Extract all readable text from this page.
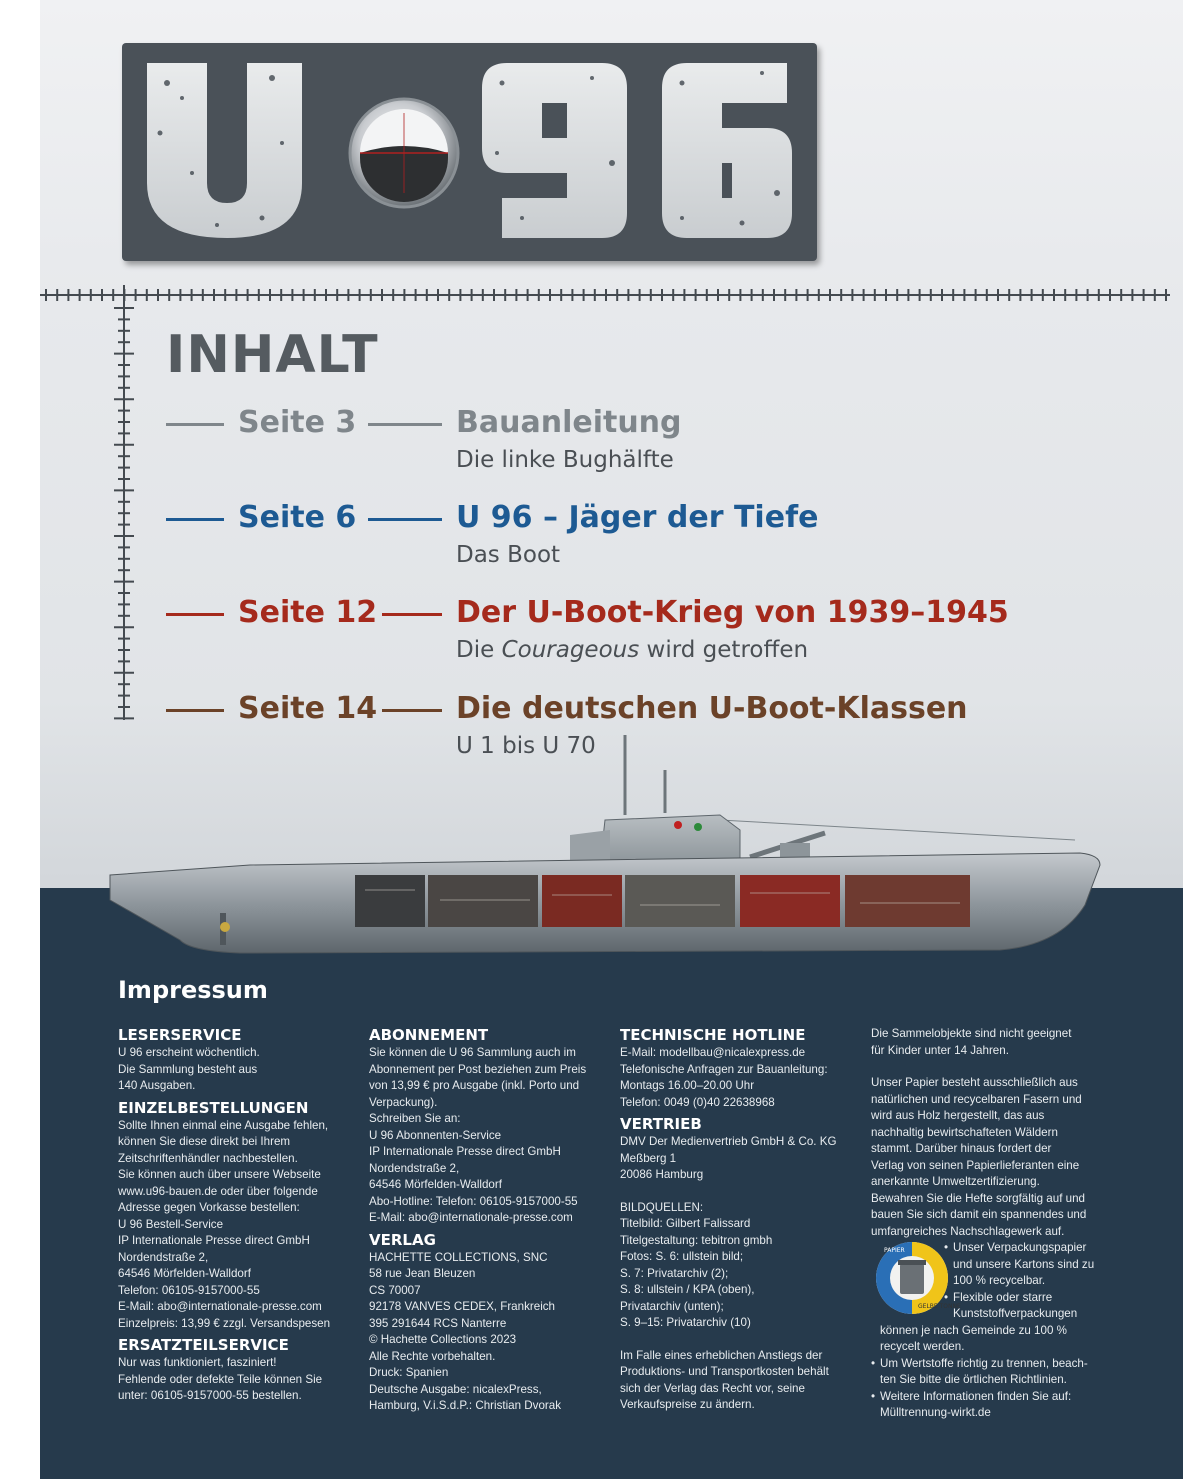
INHALT
Seite 3	Bauanleitung
Die linke Bughälfte
Seite 6	U 96 – Jäger der Tiefe
Das Boot
Seite 12	Der U-Boot-Krieg von 1939–1945
Die Courageous wird getroffen
Seite 14	Die deutschen U-Boot-Klassen
U 1 bis U 70
Impressum
LESERSERVICE
U 96 erscheint wöchentlich.
Die Sammlung besteht aus
140 Ausgaben.
EINZELBESTELLUNGEN
Sollte Ihnen einmal eine Ausgabe fehlen,
können Sie diese direkt bei Ihrem
Zeitschriftenhändler nachbestellen.
Sie können auch über unsere Webseite
www.u96-bauen.de oder über folgende
Adresse gegen Vorkasse bestellen:
U 96 Bestell-Service
IP Internationale Presse direct GmbH
Nordendstraße 2,
64546 Mörfelden-Walldorf
Telefon: 06105-9157000-55
E-Mail: abo@internationale-presse.com
Einzelpreis: 13,99 € zzgl. Versandspesen
ERSATZTEILSERVICE
Nur was funktioniert, fasziniert!
Fehlende oder defekte Teile können Sie
unter: 06105-9157000-55 bestellen.
ABONNEMENT
Sie können die U 96 Sammlung auch im
Abonnement per Post beziehen zum Preis
von 13,99 € pro Ausgabe (inkl. Porto und
Verpackung).
Schreiben Sie an:
U 96 Abonnenten-Service
IP Internationale Presse direct GmbH
Nordendstraße 2,
64546 Mörfelden-Walldorf
Abo-Hotline: Telefon: 06105-9157000-55
E-Mail: abo@internationale-presse.com
VERLAG
HACHETTE COLLECTIONS, SNC
58 rue Jean Bleuzen
CS 70007
92178 VANVES CEDEX, Frankreich
395 291644 RCS Nanterre
© Hachette Collections 2023
Alle Rechte vorbehalten.
Druck: Spanien
Deutsche Ausgabe: nicalexPress,
Hamburg, V.i.S.d.P.: Christian Dvorak
TECHNISCHE HOTLINE
E-Mail: modellbau@nicalexpress.de
Telefonische Anfragen zur Bauanleitung:
Montags 16.00–20.00 Uhr
Telefon: 0049 (0)40 22638968
VERTRIEB
DMV Der Medienvertrieb GmbH & Co. KG
Meßberg 1
20086 Hamburg
BILDQUELLEN:
Titelbild: Gilbert Falissard
Titelgestaltung: tebitron gmbh
Fotos: S. 6: ullstein bild;
S. 7: Privatarchiv (2);
S. 8: ullstein / KPA (oben),
Privatarchiv (unten);
S. 9–15: Privatarchiv (10)
Im Falle eines erheblichen Anstiegs der
Produktions- und Transportkosten behält
sich der Verlag das Recht vor, seine
Verkaufspreise zu ändern.
Die Sammelobjekte sind nicht geeignet
für Kinder unter 14 Jahren.
Unser Papier besteht ausschließlich aus
natürlichen und recycelbaren Fasern und
wird aus Holz hergestellt, das aus
nachhaltig bewirtschafteten Wäldern
stammt. Darüber hinaus fordert der
Verlag von seinen Papierlieferanten eine
anerkannte Umweltzertifizierung.
Bewahren Sie die Hefte sorgfältig auf und
bauen Sie sich damit ein spannendes und
umfangreiches Nachschlagewerk auf.
• Unser Verpackungspapier
und unsere Kartons sind zu
100 % recycelbar.
• Flexible oder starre
Kunststoffverpackungen
können je nach Gemeinde zu 100 %
recycelt werden.
• Um Wertstoffe richtig zu trennen, beach-
ten Sie bitte die örtlichen Richtlinien.
• Weitere Informationen finden Sie auf:
Mülltrennung-wirkt.de
PAPIER
GELBE TONNE
